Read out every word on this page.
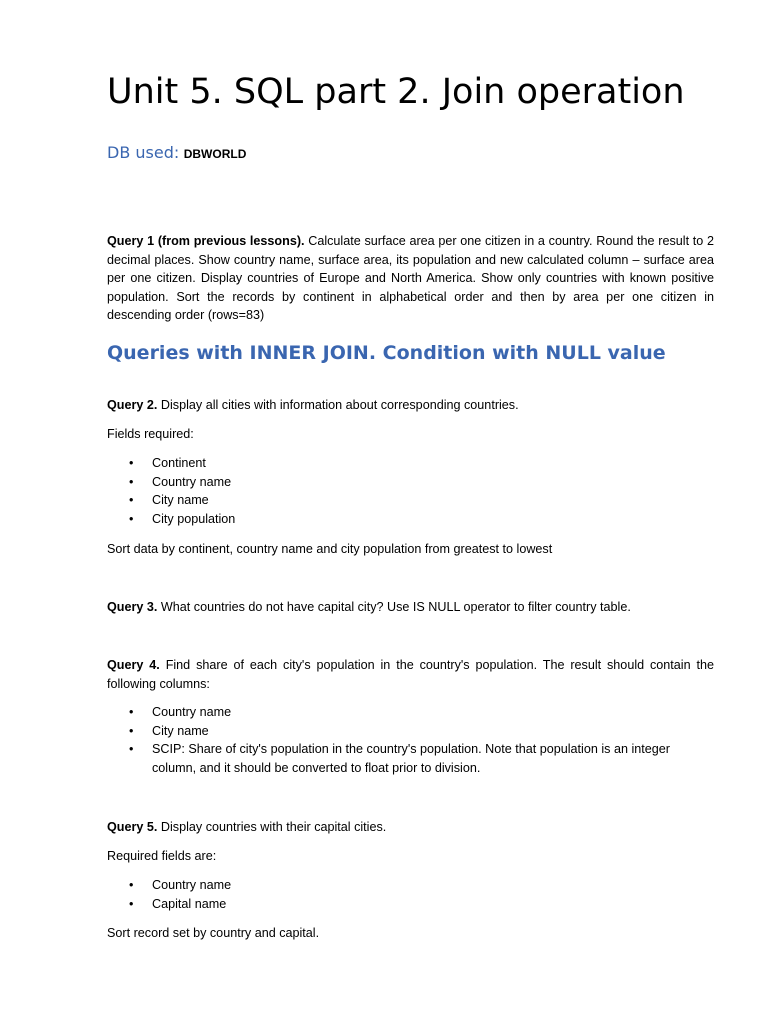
Unit 5. SQL part 2. Join operation
DB used: DBWORLD

Query 1 (from previous lessons). Calculate surface area per one citizen in a country. Round the result to 2 decimal places. Show country name, surface area, its population and new calculated column – surface area per one citizen. Display countries of Europe and North America. Show only countries with known positive population. Sort the records by continent in alphabetical order and then by area per one citizen in descending order (rows=83)

Queries with INNER JOIN. Condition with NULL value

Query 2. Display all cities with information about corresponding countries.

Fields required:

• Continent
• Country name
• City name
• City population

Sort data by continent, country name and city population from greatest to lowest

Query 3. What countries do not have capital city? Use IS NULL operator to filter country table.

Query 4. Find share of each city's population in the country's population. The result should contain the following columns:

• Country name
• City name
• SCIP: Share of city's population in the country's population. Note that population is an integer column, and it should be converted to float prior to division.

Query 5. Display countries with their capital cities.

Required fields are:

• Country name
• Capital name

Sort record set by country and capital.
